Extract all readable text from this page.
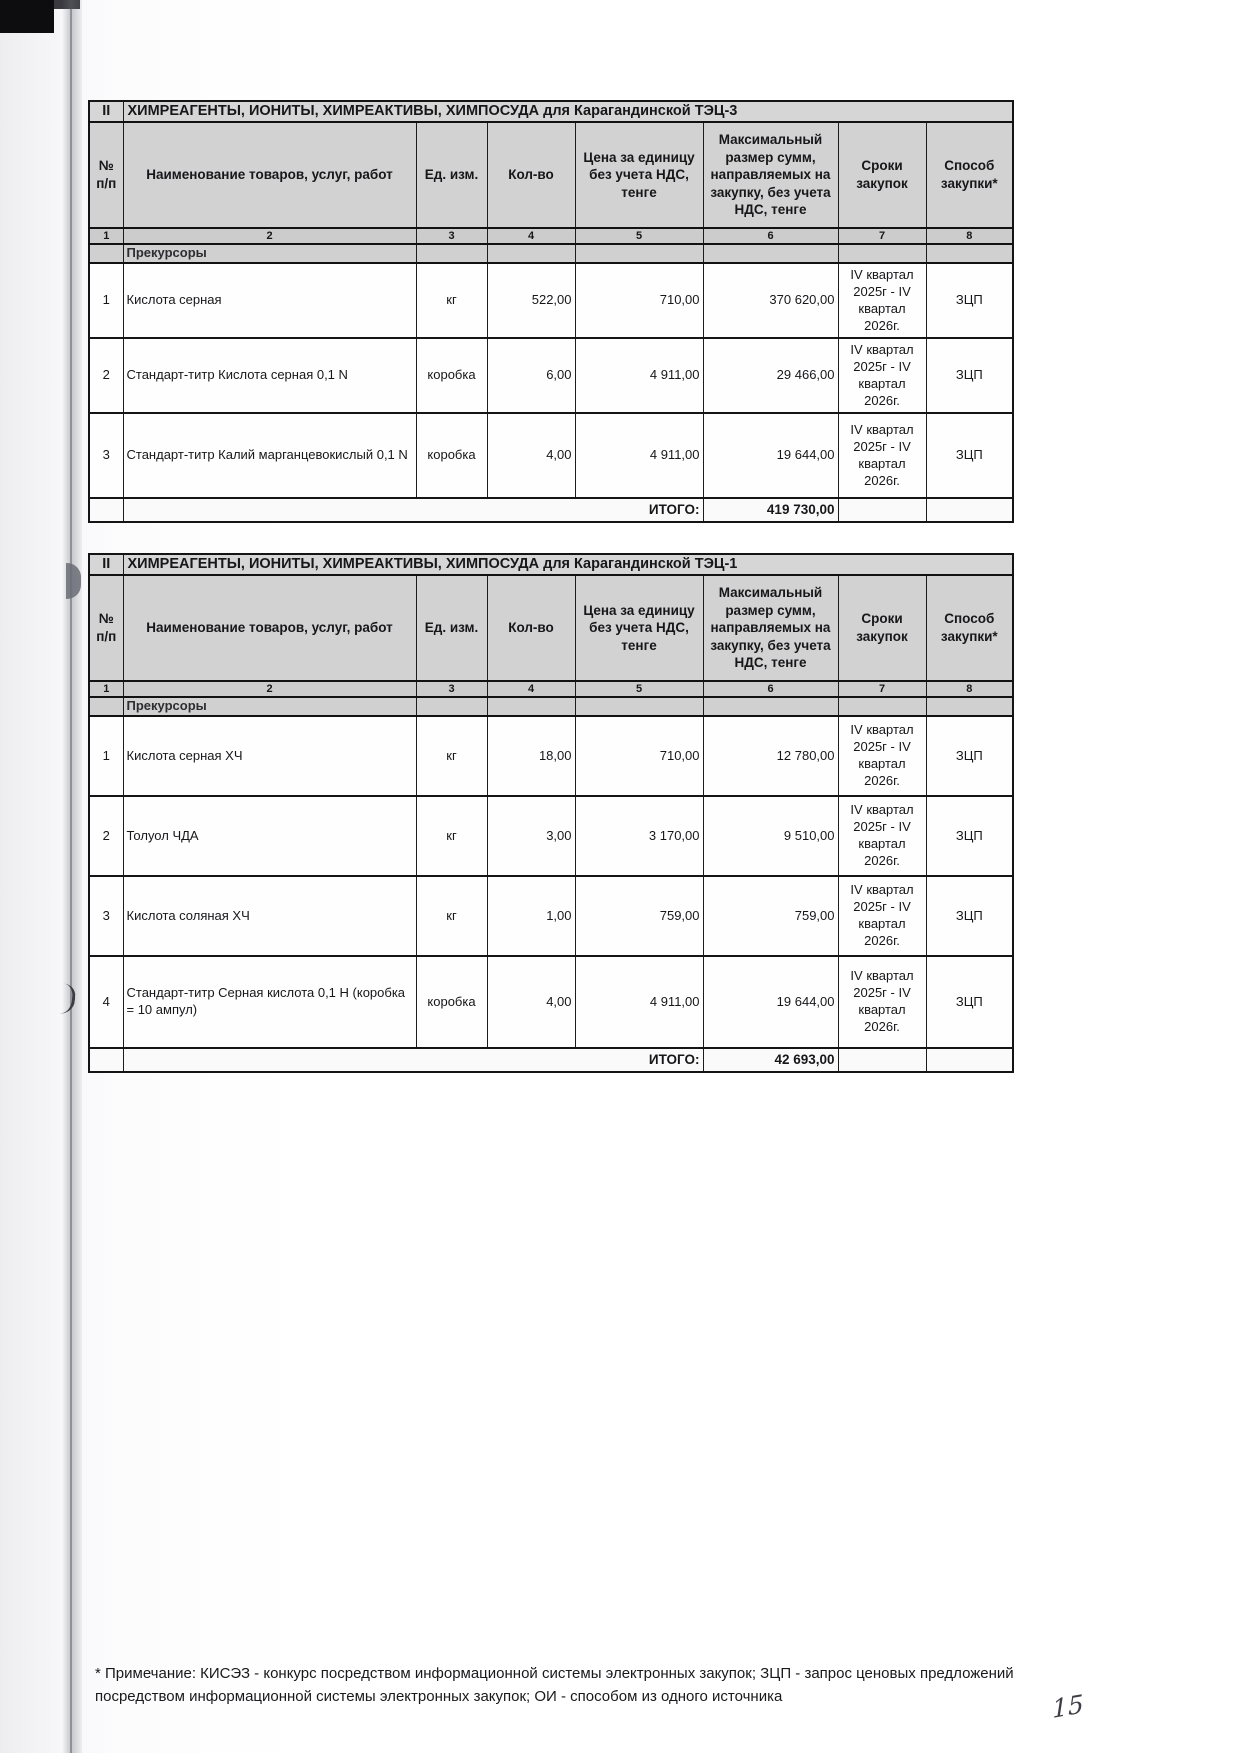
II	ХИМРЕАГЕНТЫ, ИОНИТЫ, ХИМРЕАКТИВЫ, ХИМПОСУДА для Карагандинской ТЭЦ-3						
№ п/п	Наименование товаров, услуг, работ	Ед. изм.	Кол-во	Цена за единицу без учета НДС, тенге	Максимальный размер сумм, направляемых на закупку, без учета НДС, тенге	Сроки закупок	Способ закупки*
1	2	3	4	5	6	7	8
	Прекурсоры						
1	Кислота серная	кг	522,00	710,00	370 620,00	IV квартал 2025г - IV квартал 2026г.	ЗЦП
2	Стандарт-титр Кислота серная 0,1 N	коробка	6,00	4 911,00	29 466,00	IV квартал 2025г - IV квартал 2026г.	ЗЦП
3	Стандарт-титр Калий марганцевокислый 0,1 N	коробка	4,00	4 911,00	19 644,00	IV квартал 2025г - IV квартал 2026г.	ЗЦП
	ИТОГО:				419 730,00		
II	ХИМРЕАГЕНТЫ, ИОНИТЫ, ХИМРЕАКТИВЫ, ХИМПОСУДА для Карагандинской ТЭЦ-1						
№ п/п	Наименование товаров, услуг, работ	Ед. изм.	Кол-во	Цена за единицу без учета НДС, тенге	Максимальный размер сумм, направляемых на закупку, без учета НДС, тенге	Сроки закупок	Способ закупки*
1	2	3	4	5	6	7	8
	Прекурсоры						
1	Кислота серная ХЧ	кг	18,00	710,00	12 780,00	IV квартал 2025г - IV квартал 2026г.	ЗЦП
2	Толуол ЧДА	кг	3,00	3 170,00	9 510,00	IV квартал 2025г - IV квартал 2026г.	ЗЦП
3	Кислота соляная ХЧ	кг	1,00	759,00	759,00	IV квартал 2025г - IV квартал 2026г.	ЗЦП
4	Стандарт-титр Серная кислота 0,1 Н (коробка = 10 ампул)	коробка	4,00	4 911,00	19 644,00	IV квартал 2025г - IV квартал 2026г.	ЗЦП
	ИТОГО:				42 693,00		
* Примечание: КИСЭЗ - конкурс посредством информационной системы электронных закупок; ЗЦП - запрос ценовых предложений посредством информационной системы электронных закупок; ОИ - способом из одного источника	15
